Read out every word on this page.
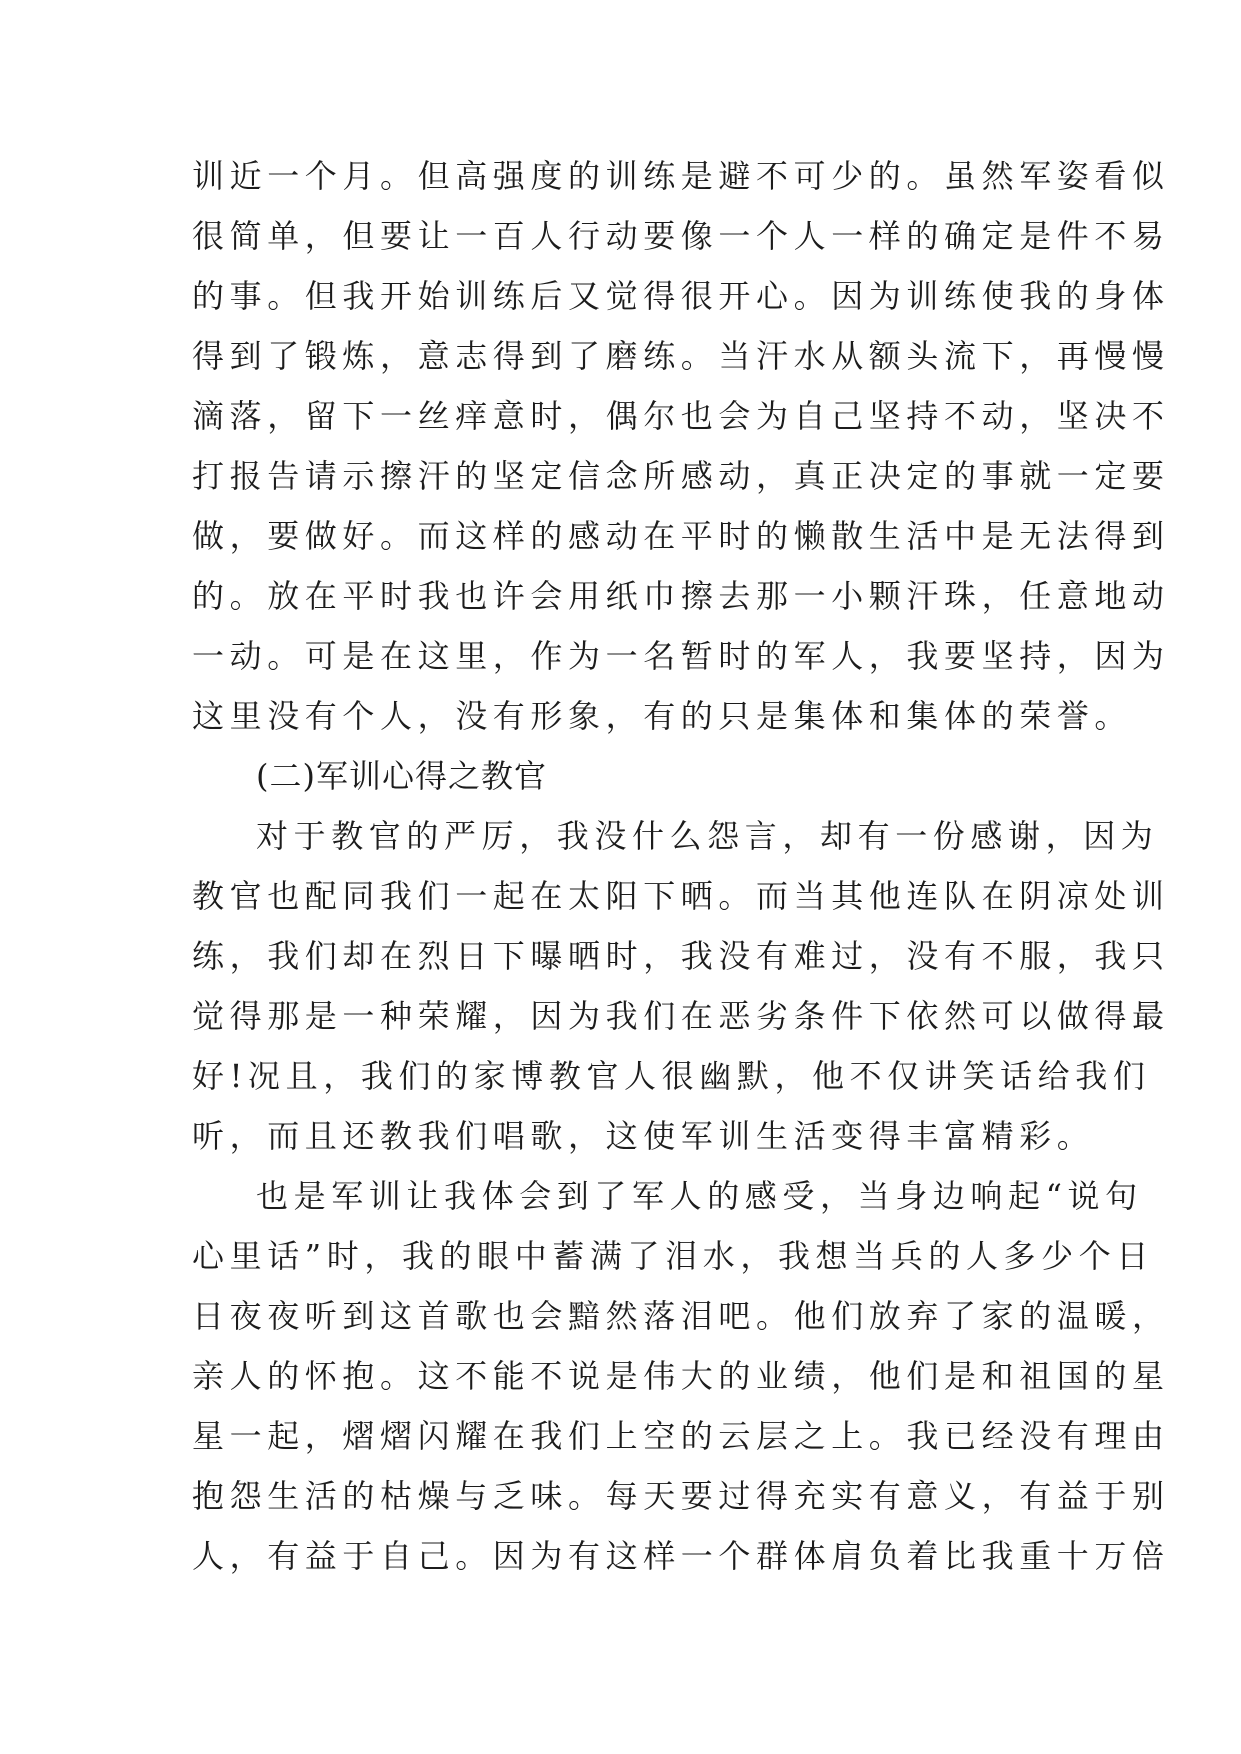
训近一个月。但高强度的训练是避不可少的。虽然军姿看似
很简单，但要让一百人行动要像一个人一样的确定是件不易
的事。但我开始训练后又觉得很开心。因为训练使我的身体
得到了锻炼，意志得到了磨练。当汗水从额头流下，再慢慢
滴落，留下一丝痒意时，偶尔也会为自己坚持不动，坚决不
打报告请示擦汗的坚定信念所感动，真正决定的事就一定要
做，要做好。而这样的感动在平时的懒散生活中是无法得到
的。放在平时我也许会用纸巾擦去那一小颗汗珠，任意地动
一动。可是在这里，作为一名暂时的军人，我要坚持，因为
这里没有个人，没有形象，有的只是集体和集体的荣誉。
(二)军训心得之教官
对于教官的严厉，我没什么怨言，却有一份感谢，因为
教官也配同我们一起在太阳下晒。而当其他连队在阴凉处训
练，我们却在烈日下曝晒时，我没有难过，没有不服，我只
觉得那是一种荣耀，因为我们在恶劣条件下依然可以做得最
好!况且，我们的家博教官人很幽默，他不仅讲笑话给我们
听，而且还教我们唱歌，这使军训生活变得丰富精彩。
也是军训让我体会到了军人的感受，当身边响起“说句
心里话”时，我的眼中蓄满了泪水，我想当兵的人多少个日
日夜夜听到这首歌也会黯然落泪吧。他们放弃了家的温暖，
亲人的怀抱。这不能不说是伟大的业绩，他们是和祖国的星
星一起，熠熠闪耀在我们上空的云层之上。我已经没有理由
抱怨生活的枯燥与乏味。每天要过得充实有意义，有益于别
人，有益于自己。因为有这样一个群体肩负着比我重十万倍
